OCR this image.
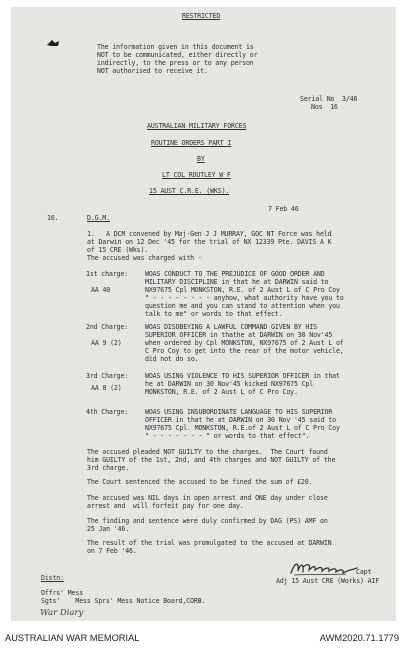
RESTRICTED
The information given in this document is
NOT to be communicated, either directly or
indirectly, to the press or to any person
NOT authorised to receive it.
Serial No  3/46
Nos  16
AUSTRALIAN MILITARY FORCES
ROUTINE ORDERS PART I
BY
LT COL ROUTLEY W F
15 AUST C.R.E. (WKS).
7 Feb 46
16.	D.G.M.
1.   A DCM convened by Maj-Gen J J MURRAY, GOC NT Force was held
at Darwin on 12 Dec '45 for the trial of NX 12339 Pte. DAVIS A K
of 15 CRE (Wks).
The accused was charged with -
1st charge:
AA 40
WOAS CONDUCT TO THE PREJUDICE OF GOOD ORDER AND
MILITARY DISCIPLINE in that he at DARWIN said to
NX97675 Cpl MONKSTON, R.E. of 2 Aust L of C Pro Coy
" - - - - - - - - anyhow, what authority have you to
question me and you can stand to attention when you
talk to me" or words to that effect.
2nd Charge:
AA 9 (2)
WOAS DISOBEYING A LAWFUL COMMAND GIVEN BY HIS
SUPERIOR OFFICER in thathe at DARWIN on 30 Nov'45
when ordered by Cpl MONKSTON, NX97675 of 2 Aust L of
C Pro Coy to get into the rear of the motor vehicle,
did not do so.
3rd Charge:
AA 8 (2)
WOAS USING VIOLENCE TO HIS SUPERIOR OFFICER in that
he at DARWIN on 30 Nov'45 kicked NX97675 Cpl
MONKSTON, R.E. of 2 Aust L of C Pro Coy.
4th Charge:	WOAS USING INSUBORDINATE LANGUAGE TO HIS SUPERIOR
OFFICER in that he at DARWIN on 30 Nov '45 said to
NX97675 Cpl. MONKSTON, R.E.of 2 Aust L of C Pro Coy
" - - - - - - - " or words to that effect".
The accused pleaded NOT GUILTY to the charges.  The Court found
him GUILTY of the 1st, 2nd, and 4th charges and NOT GUILTY of the
3rd charge.
The Court sentenced the accused to be fined the sum of £20.
The accused was NIL days in open arrest and ONE day under close
arrest and  will forfeit pay for one day.
The finding and sentence were duly confirmed by DAG (PS) AMF on
25 Jan '46.
The result of the trial was promulgated to the accused at DARWIN
on 7 Feb '46.
Capt
Adj 15 Aust CRE (Works) AIF
Distn:
Offrs' Mess
Sgts'    Mess Sprs' Mess Notice Board,CORB.
War Diary
AUSTRALIAN WAR MEMORIAL	AWM2020.71.1779
